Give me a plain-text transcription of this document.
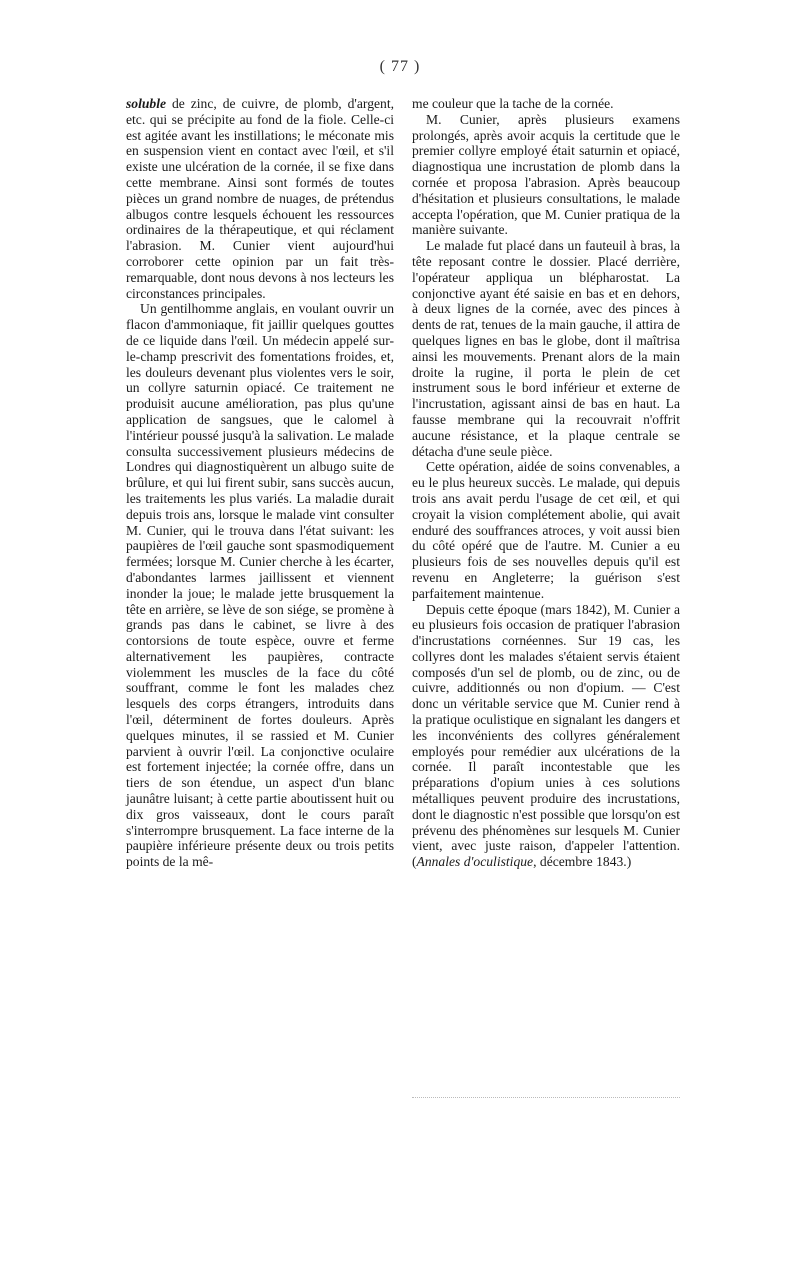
( 77 )

soluble de zinc, de cuivre, de plomb, d'argent, etc. qui se précipite au fond de la fiole. Celle-ci est agitée avant les instillations; le méconate mis en suspension vient en contact avec l'œil, et s'il existe une ulcération de la cornée, il se fixe dans cette membrane. Ainsi sont formés de toutes pièces un grand nombre de nuages, de prétendus albugos contre lesquels échouent les ressources ordinaires de la thérapeutique, et qui réclament l'abrasion. M. Cunier vient aujourd'hui corroborer cette opinion par un fait très-remarquable, dont nous devons à nos lecteurs les circonstances principales.

Un gentilhomme anglais, en voulant ouvrir un flacon d'ammoniaque, fit jaillir quelques gouttes de ce liquide dans l'œil. Un médecin appelé sur-le-champ prescrivit des fomentations froides, et, les douleurs devenant plus violentes vers le soir, un collyre saturnin opiacé. Ce traitement ne produisit aucune amélioration, pas plus qu'une application de sangsues, que le calomel à l'intérieur poussé jusqu'à la salivation. Le malade consulta successivement plusieurs médecins de Londres qui diagnostiquèrent un albugo suite de brûlure, et qui lui firent subir, sans succès aucun, les traitements les plus variés. La maladie durait depuis trois ans, lorsque le malade vint consulter M. Cunier, qui le trouva dans l'état suivant: les paupières de l'œil gauche sont spasmodiquement fermées; lorsque M. Cunier cherche à les écarter, d'abondantes larmes jaillissent et viennent inonder la joue; le malade jette brusquement la tête en arrière, se lève de son siége, se promène à grands pas dans le cabinet, se livre à des contorsions de toute espèce, ouvre et ferme alternativement les paupières, contracte violemment les muscles de la face du côté souffrant, comme le font les malades chez lesquels des corps étrangers, introduits dans l'œil, déterminent de fortes douleurs. Après quelques minutes, il se rassied et M. Cunier parvient à ouvrir l'œil. La conjonctive oculaire est fortement injectée; la cornée offre, dans un tiers de son étendue, un aspect d'un blanc jaunâtre luisant; à cette partie aboutissent huit ou dix gros vaisseaux, dont le cours paraît s'interrompre brusquement. La face interne de la paupière inférieure présente deux ou trois petits points de la mê-

me couleur que la tache de la cornée.

M. Cunier, après plusieurs examens prolongés, après avoir acquis la certitude que le premier collyre employé était saturnin et opiacé, diagnostiqua une incrustation de plomb dans la cornée et proposa l'abrasion. Après beaucoup d'hésitation et plusieurs consultations, le malade accepta l'opération, que M. Cunier pratiqua de la manière suivante.

Le malade fut placé dans un fauteuil à bras, la tête reposant contre le dossier. Placé derrière, l'opérateur appliqua un blépharostat. La conjonctive ayant été saisie en bas et en dehors, à deux lignes de la cornée, avec des pinces à dents de rat, tenues de la main gauche, il attira de quelques lignes en bas le globe, dont il maîtrisa ainsi les mouvements. Prenant alors de la main droite la rugine, il porta le plein de cet instrument sous le bord inférieur et externe de l'incrustation, agissant ainsi de bas en haut. La fausse membrane qui la recouvrait n'offrit aucune résistance, et la plaque centrale se détacha d'une seule pièce.

Cette opération, aidée de soins convenables, a eu le plus heureux succès. Le malade, qui depuis trois ans avait perdu l'usage de cet œil, et qui croyait la vision complétement abolie, qui avait enduré des souffrances atroces, y voit aussi bien du côté opéré que de l'autre. M. Cunier a eu plusieurs fois de ses nouvelles depuis qu'il est revenu en Angleterre; la guérison s'est parfaitement maintenue.

Depuis cette époque (mars 1842), M. Cunier a eu plusieurs fois occasion de pratiquer l'abrasion d'incrustations cornéennes. Sur 19 cas, les collyres dont les malades s'étaient servis étaient composés d'un sel de plomb, ou de zinc, ou de cuivre, additionnés ou non d'opium. — C'est donc un véritable service que M. Cunier rend à la pratique oculistique en signalant les dangers et les inconvénients des collyres généralement employés pour remédier aux ulcérations de la cornée. Il paraît incontestable que les préparations d'opium unies à ces solutions métalliques peuvent produire des incrustations, dont le diagnostic n'est possible que lorsqu'on est prévenu des phénomènes sur lesquels M. Cunier vient, avec juste raison, d'appeler l'attention. (Annales d'oculistique, décembre 1843.)
